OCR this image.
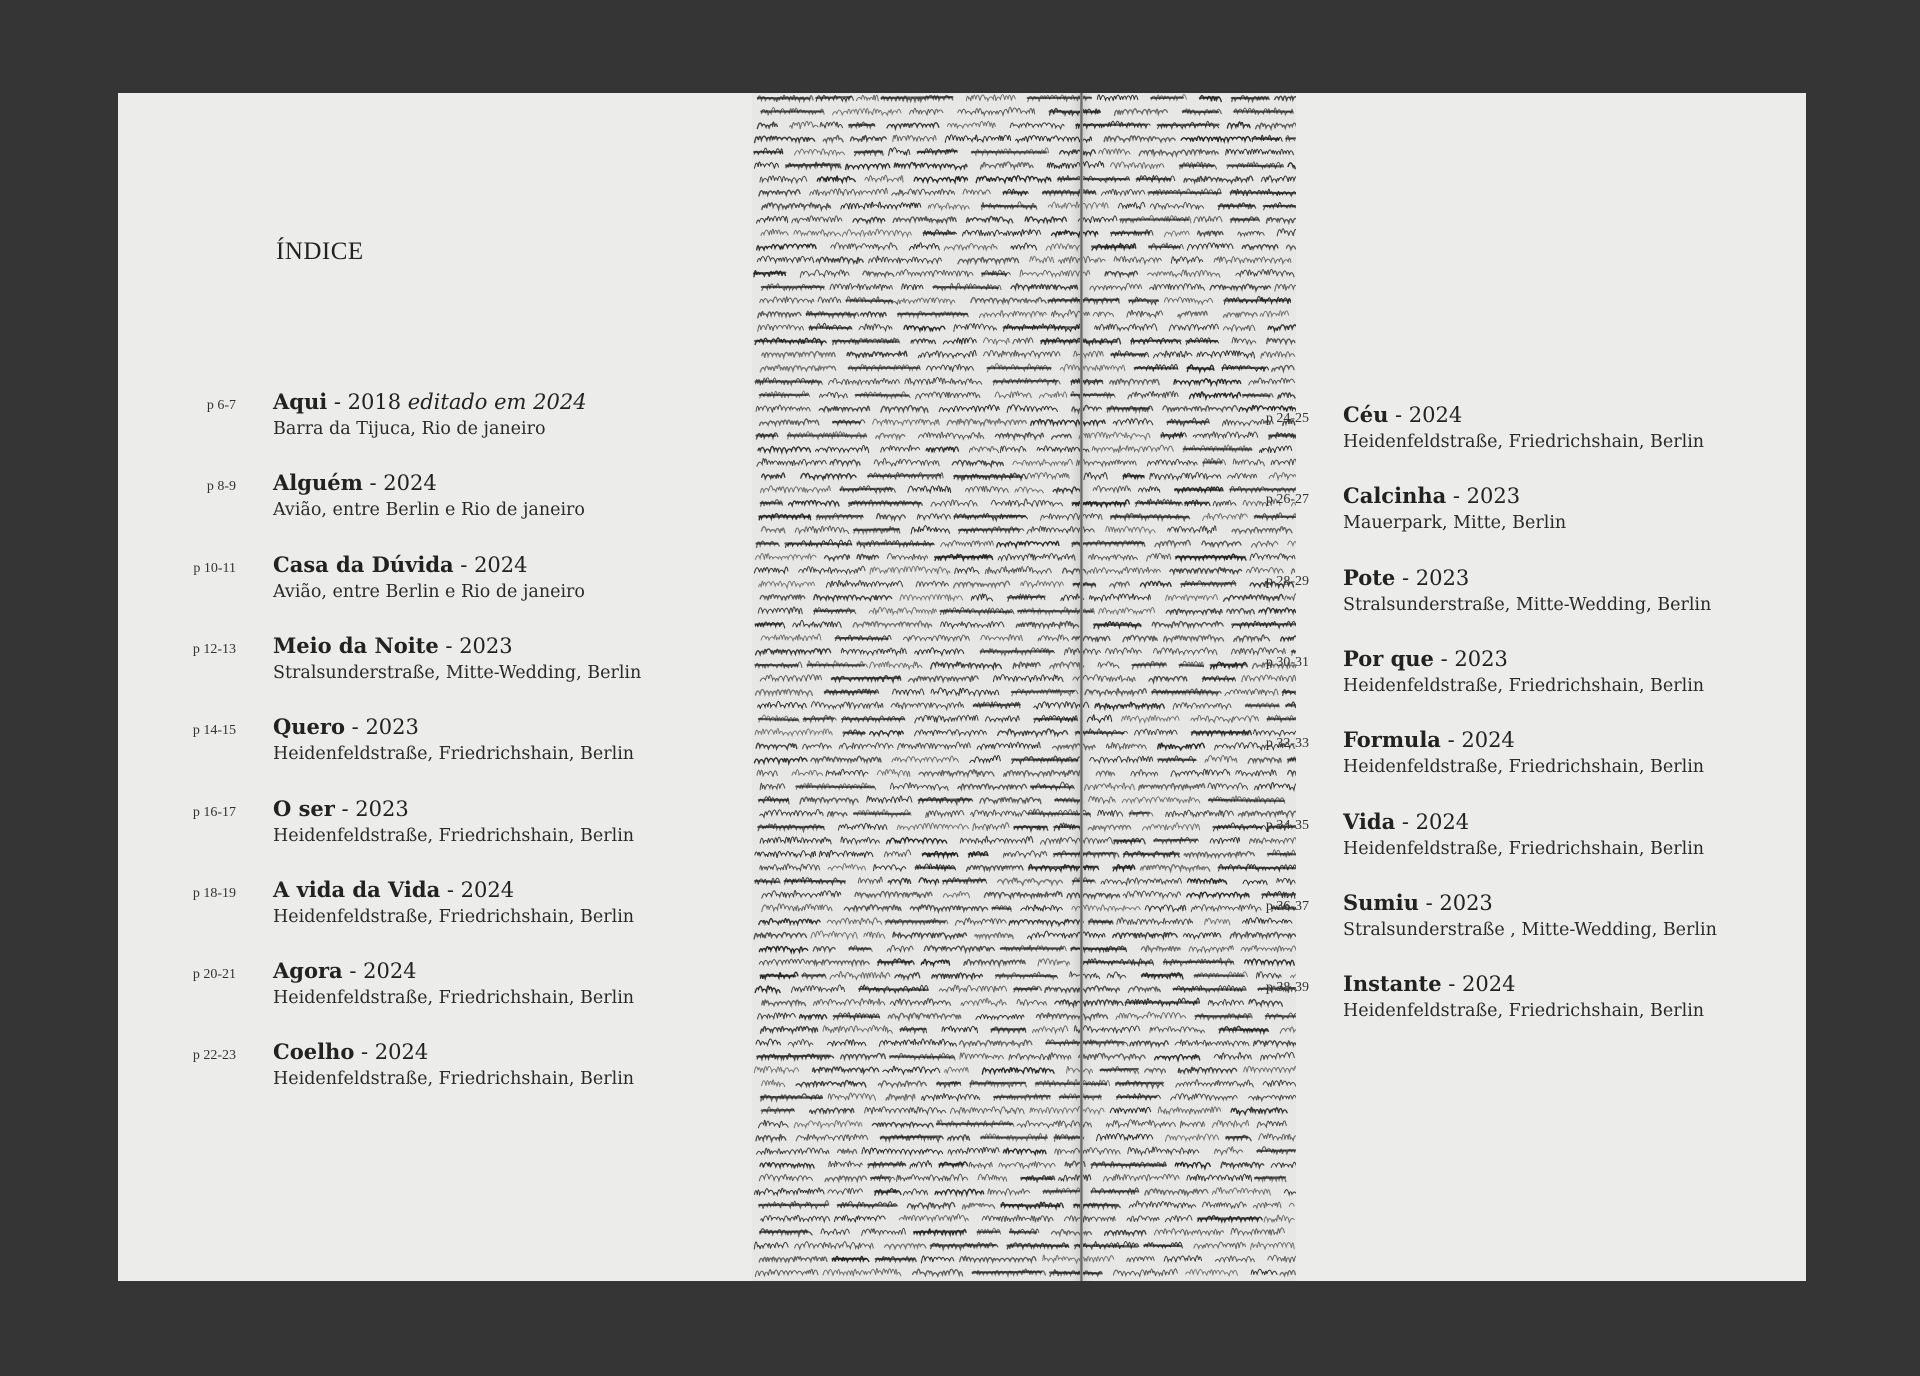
ÍNDICE
p 6-7 Aqui - 2018 editado em 2024
Barra da Tijuca, Rio de janeiro
p 8-9 Alguém - 2024
Avião, entre Berlin e Rio de janeiro
p 10-11 Casa da Dúvida - 2024
Avião, entre Berlin e Rio de janeiro
p 12-13 Meio da Noite - 2023
Stralsunderstraße, Mitte-Wedding, Berlin
p 14-15 Quero - 2023
Heidenfeldstraße, Friedrichshain, Berlin
p 16-17 O ser - 2023
Heidenfeldstraße, Friedrichshain, Berlin
p 18-19 A vida da Vida - 2024
Heidenfeldstraße, Friedrichshain, Berlin
p 20-21 Agora - 2024
Heidenfeldstraße, Friedrichshain, Berlin
p 22-23 Coelho - 2024
Heidenfeldstraße, Friedrichshain, Berlin
p 24-25 Céu - 2024
Heidenfeldstraße, Friedrichshain, Berlin
p 26-27 Calcinha - 2023
Mauerpark, Mitte, Berlin
p 28-29 Pote - 2023
Stralsunderstraße, Mitte-Wedding, Berlin
p 30-31 Por que - 2023
Heidenfeldstraße, Friedrichshain, Berlin
p 32-33 Formula - 2024
Heidenfeldstraße, Friedrichshain, Berlin
p 34-35 Vida - 2024
Heidenfeldstraße, Friedrichshain, Berlin
p 36-37 Sumiu - 2023
Stralsunderstraße , Mitte-Wedding, Berlin
p 38-39 Instante - 2024
Heidenfeldstraße, Friedrichshain, Berlin
